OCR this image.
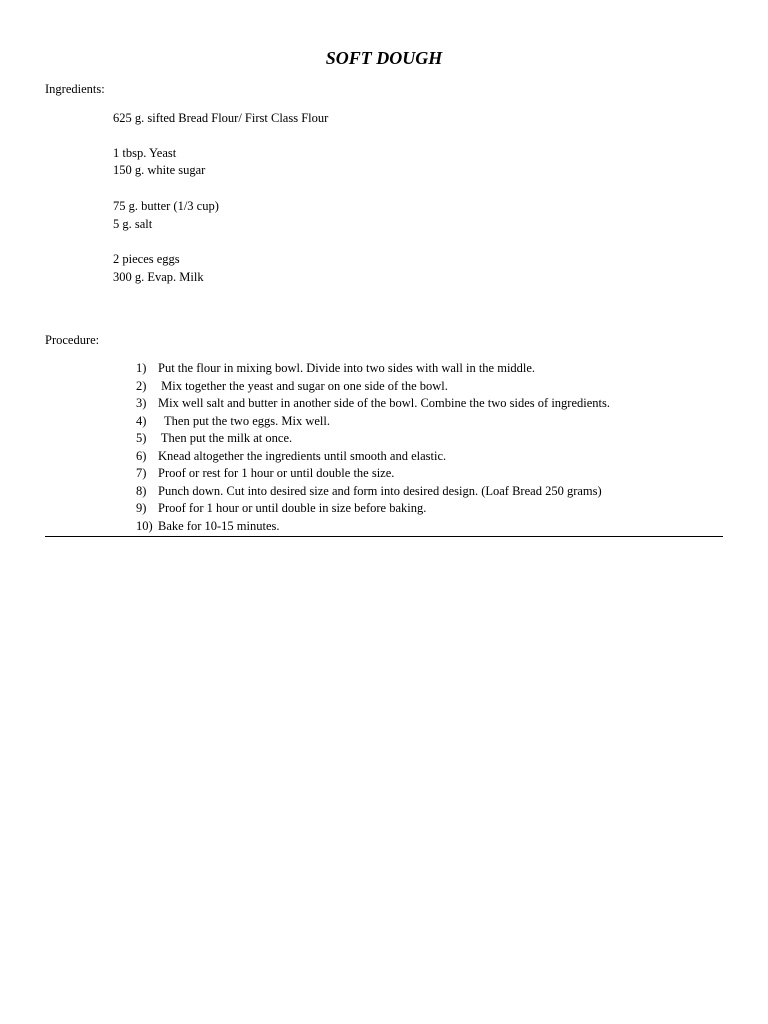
SOFT DOUGH

Ingredients:

625 g. sifted Bread Flour/ First Class Flour

1 tbsp. Yeast

150 g. white sugar

75 g. butter (1/3 cup)

5 g. salt

2 pieces eggs

300 g. Evap. Milk

Procedure:

1) Put the flour in mixing bowl. Divide into two sides with wall in the middle.
2) Mix together the yeast and sugar on one side of the bowl.
3) Mix well salt and butter in another side of the bowl. Combine the two sides of ingredients.
4) Then put the two eggs. Mix well.
5) Then put the milk at once.
6) Knead altogether the ingredients until smooth and elastic.
7) Proof or rest for 1 hour or until double the size.
8) Punch down. Cut into desired size and form into desired design. (Loaf Bread 250 grams)
9) Proof for 1 hour or until double in size before baking.
10) Bake for 10-15 minutes.
